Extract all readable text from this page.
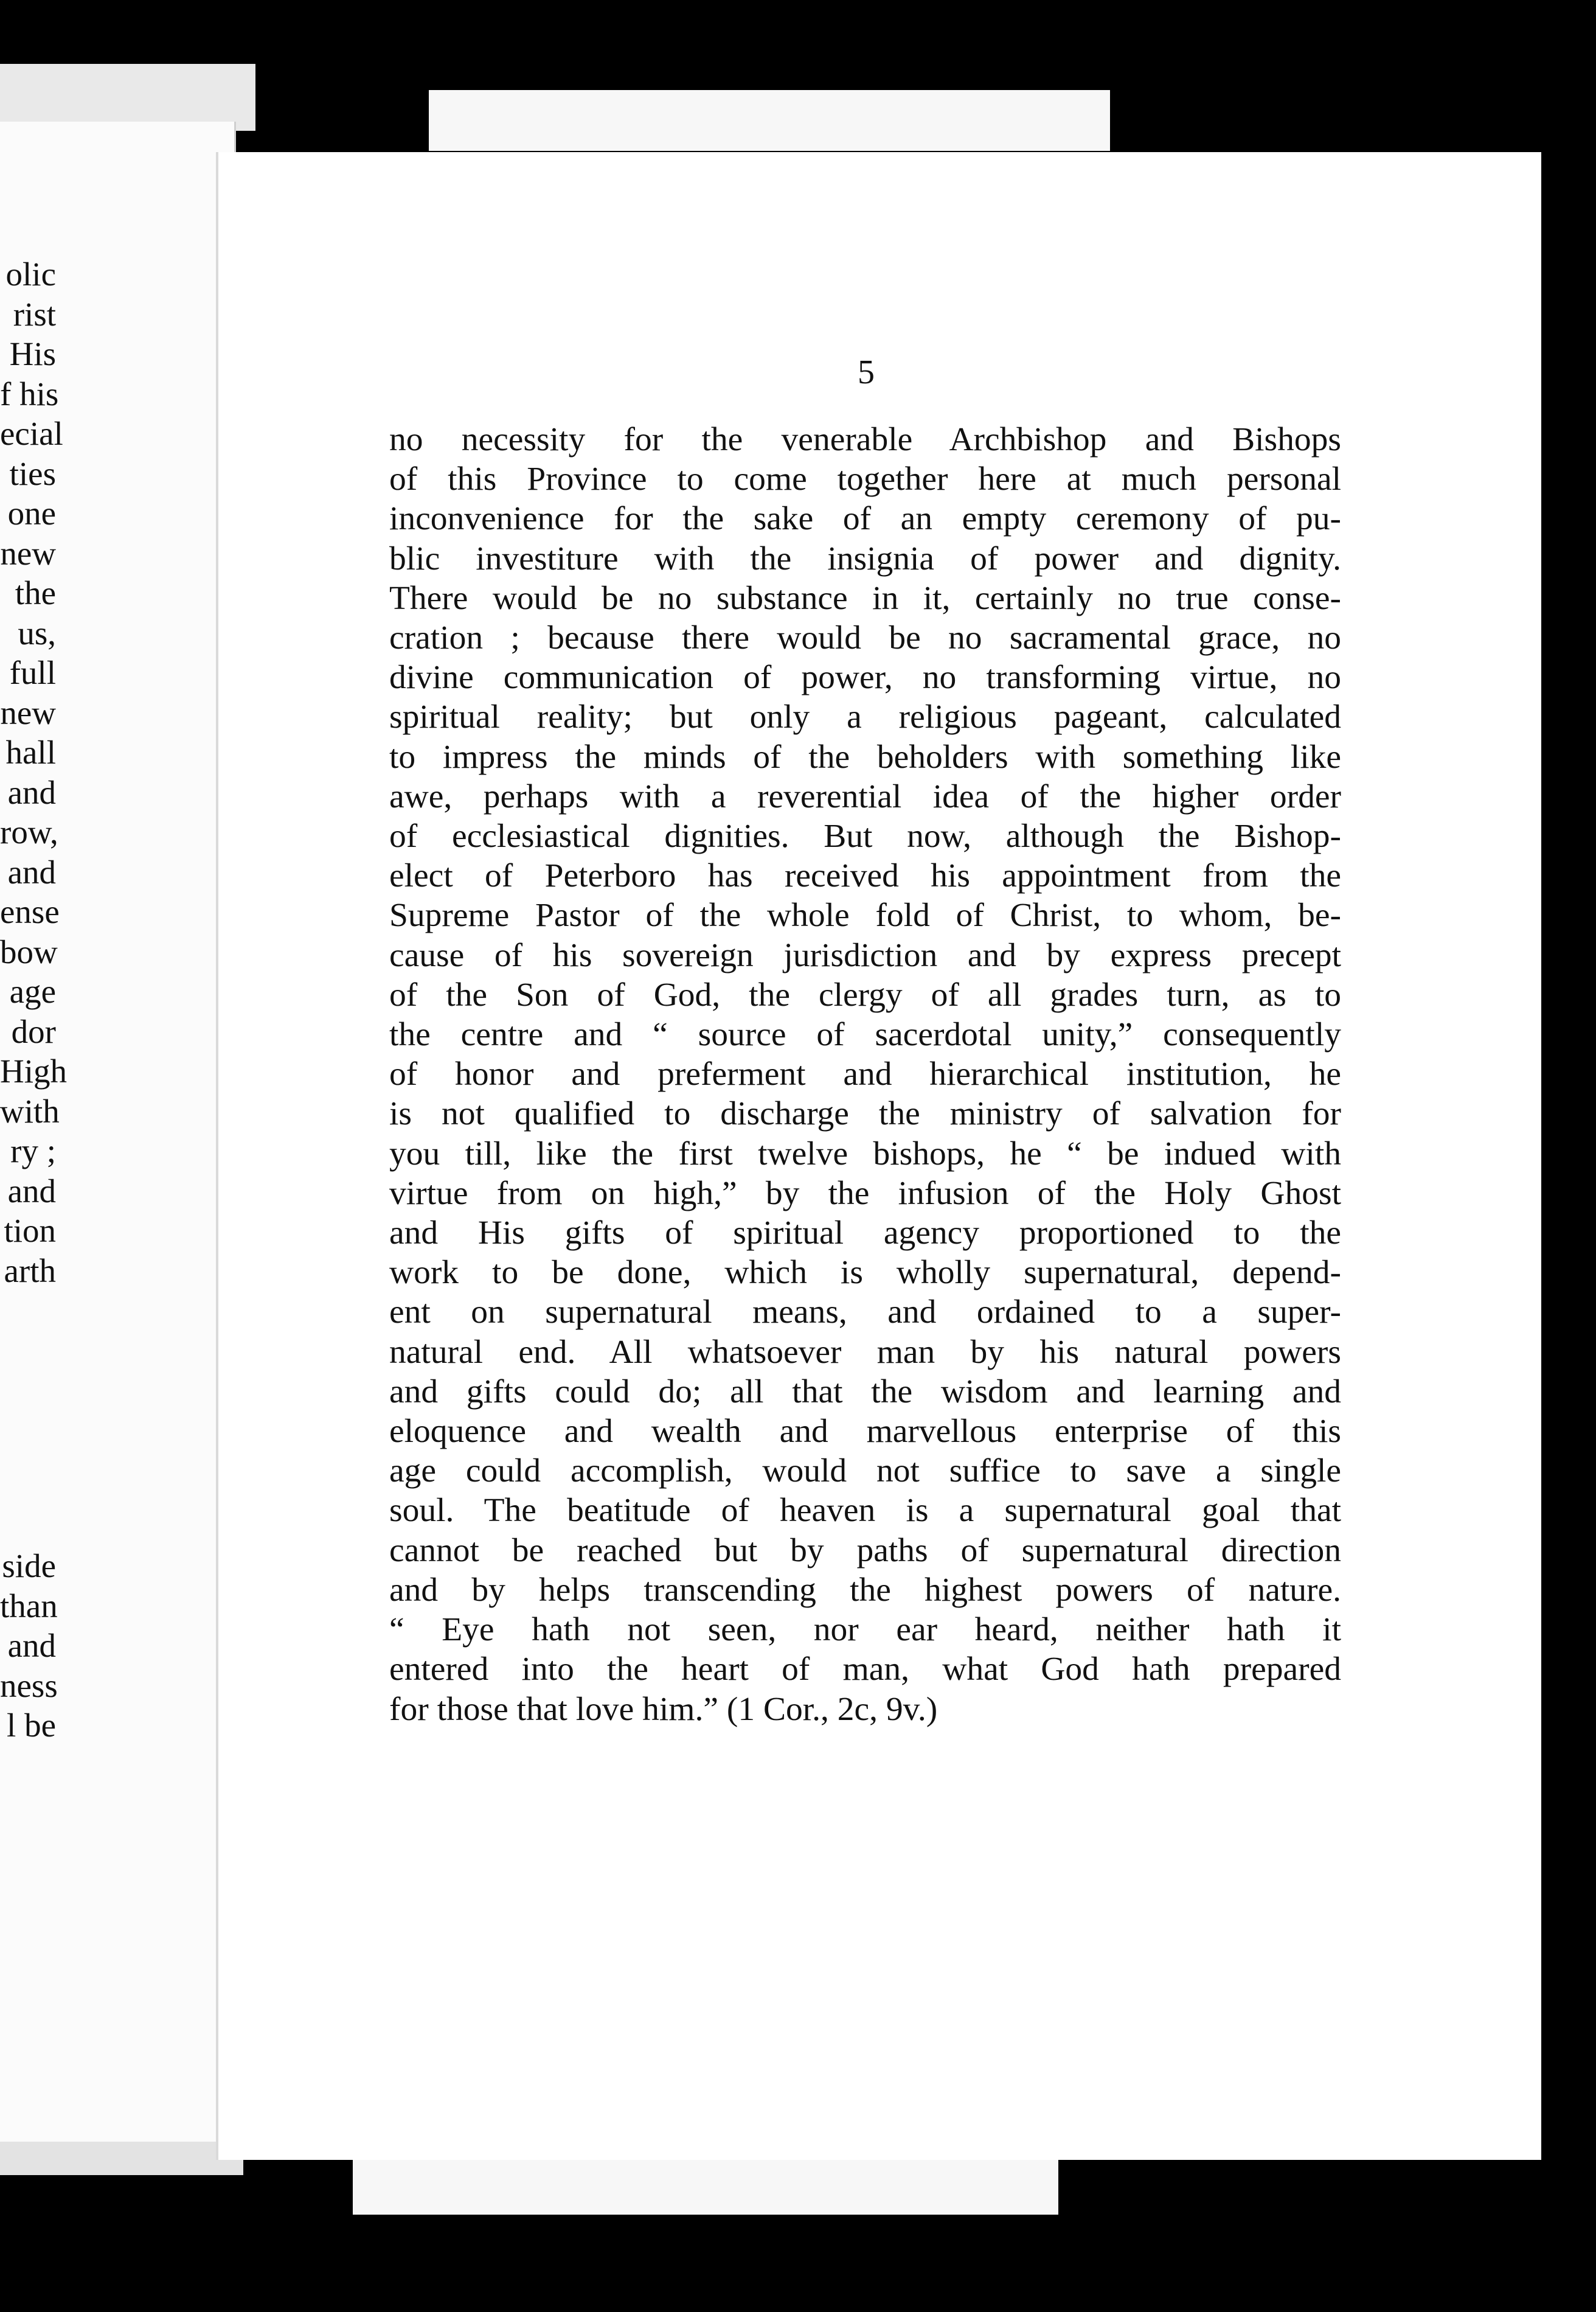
olic
rist
His
f his
ecial
ties
one
new
the
us,
full
new
hall
and
row,
and
ense
bow
age
dor
High
with
ry ;
and
tion
arth
side
than
and
ness
l be
5
no necessity for the venerable Archbishop and Bishops
of this Province to come together here at much personal
inconvenience for the sake of an empty ceremony of pu-
blic investiture with the insignia of power and dignity.
There would be no substance in it, certainly no true conse-
cration ; because there would be no sacramental grace, no
divine communication of power, no transforming virtue, no
spiritual reality; but only a religious pageant, calculated
to impress the minds of the beholders with something like
awe, perhaps with a reverential idea of the higher order
of ecclesiastical dignities. But now, although the Bishop-
elect of Peterboro has received his appointment from the
Supreme Pastor of the whole fold of Christ, to whom, be-
cause of his sovereign jurisdiction and by express precept
of the Son of God, the clergy of all grades turn, as to
the centre and “ source of sacerdotal unity,” consequently
of honor and preferment and hierarchical institution, he
is not qualified to discharge the ministry of salvation for
you till, like the first twelve bishops, he “ be indued with
virtue from on high,” by the infusion of the Holy Ghost
and His gifts of spiritual agency proportioned to the
work to be done, which is wholly supernatural, depend-
ent on supernatural means, and ordained to a super-
natural end. All whatsoever man by his natural powers
and gifts could do; all that the wisdom and learning and
eloquence and wealth and marvellous enterprise of this
age could accomplish, would not suffice to save a single
soul. The beatitude of heaven is a supernatural goal that
cannot be reached but by paths of supernatural direction
and by helps transcending the highest powers of nature.
“ Eye hath not seen, nor ear heard, neither hath it
entered into the heart of man, what God hath prepared
for those that love him.” (1 Cor., 2c, 9v.)
